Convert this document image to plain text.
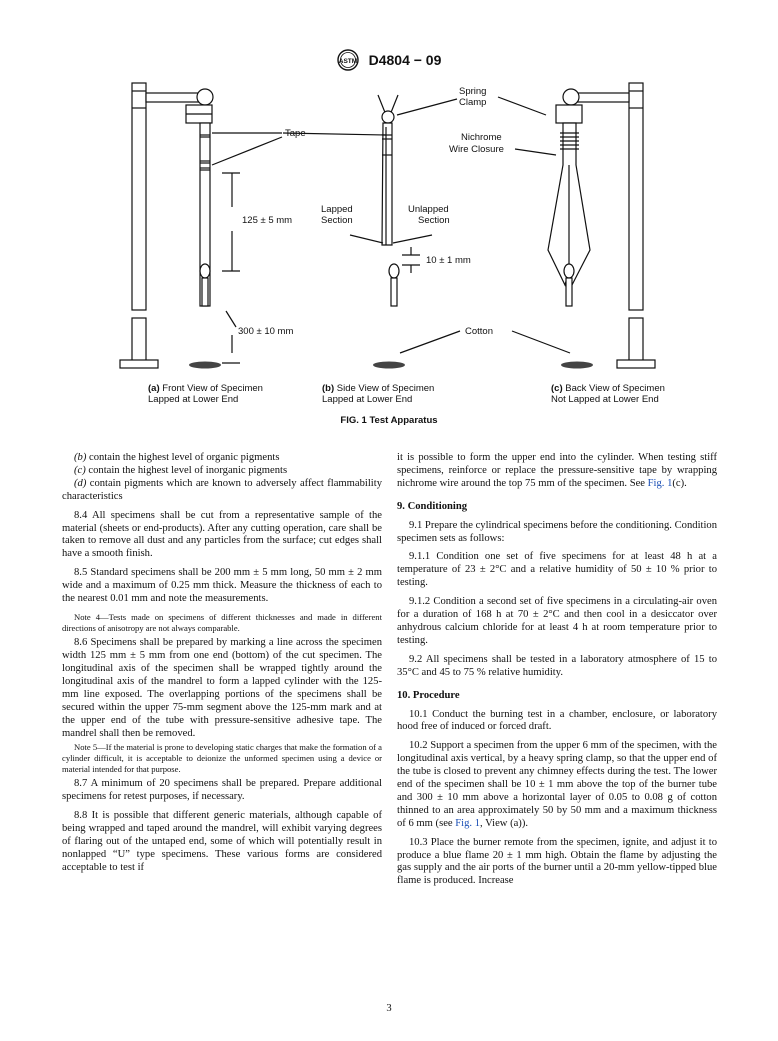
ASTM D4804 − 09
Tape
Spring
Clamp
Nichrome
Wire Closure
Lapped
Section
Unlapped
Section
125 ± 5 mm
10 ± 1 mm
300 ± 10 mm	Cotton
(a) Front View of Specimen
Lapped at Lower End
(b) Side View of Specimen
Lapped at Lower End
(c) Back View of Specimen
Not Lapped at Lower End
FIG. 1 Test Apparatus

(b) contain the highest level of organic pigments

(c) contain the highest level of inorganic pigments

(d) contain pigments which are known to adversely affect flammability characteristics

8.4 All specimens shall be cut from a representative sample of the material (sheets or end-products). After any cutting operation, care shall be taken to remove all dust and any particles from the surface; cut edges shall have a smooth finish.

8.5 Standard specimens shall be 200 mm ± 5 mm long, 50 mm ± 2 mm wide and a maximum of 0.25 mm thick. Measure the thickness of each to the nearest 0.01 mm and note the measurements.

Note 4—Tests made on specimens of different thicknesses and made in different directions of anisotropy are not always comparable.

8.6 Specimens shall be prepared by marking a line across the specimen width 125 mm ± 5 mm from one end (bottom) of the cut specimen. The longitudinal axis of the specimen shall be wrapped tightly around the longitudinal axis of the mandrel to form a lapped cylinder with the 125-mm line exposed. The overlapping portions of the specimens shall be secured within the upper 75-mm segment above the 125-mm mark and at the upper end of the tube with pressure-sensitive adhesive tape. The mandrel shall then be removed.

Note 5—If the material is prone to developing static charges that make the formation of a cylinder difficult, it is acceptable to deionize the unformed specimen using a device or material intended for that purpose.

8.7 A minimum of 20 specimens shall be prepared. Prepare additional specimens for retest purposes, if necessary.

8.8 It is possible that different generic materials, although capable of being wrapped and taped around the mandrel, will exhibit varying degrees of flaring out of the untaped end, some of which will potentially result in nonlapped “U” type specimens. These various forms are considered acceptable to test if

it is possible to form the upper end into the cylinder. When testing stiff specimens, reinforce or replace the pressure-sensitive tape by wrapping nichrome wire around the top 75 mm of the specimen. See Fig. 1(c).

9. Conditioning

9.1 Prepare the cylindrical specimens before the conditioning. Condition specimen sets as follows:

9.1.1 Condition one set of five specimens for at least 48 h at a temperature of 23 ± 2°C and a relative humidity of 50 ± 10 % prior to testing.

9.1.2 Condition a second set of five specimens in a circulating-air oven for a duration of 168 h at 70 ± 2°C and then cool in a desiccator over anhydrous calcium chloride for at least 4 h at room temperature prior to testing.

9.2 All specimens shall be tested in a laboratory atmosphere of 15 to 35°C and 45 to 75 % relative humidity.

10. Procedure

10.1 Conduct the burning test in a chamber, enclosure, or laboratory hood free of induced or forced draft.

10.2 Support a specimen from the upper 6 mm of the specimen, with the longitudinal axis vertical, by a heavy spring clamp, so that the upper end of the tube is closed to prevent any chimney effects during the test. The lower end of the specimen shall be 10 ± 1 mm above the top of the burner tube and 300 ± 10 mm above a horizontal layer of 0.05 to 0.08 g of cotton thinned to an area approximately 50 by 50 mm and a maximum thickness of 6 mm (see Fig. 1, View (a)).

10.3 Place the burner remote from the specimen, ignite, and adjust it to produce a blue flame 20 ± 1 mm high. Obtain the flame by adjusting the gas supply and the air ports of the burner until a 20-mm yellow-tipped blue flame is produced. Increase

3
